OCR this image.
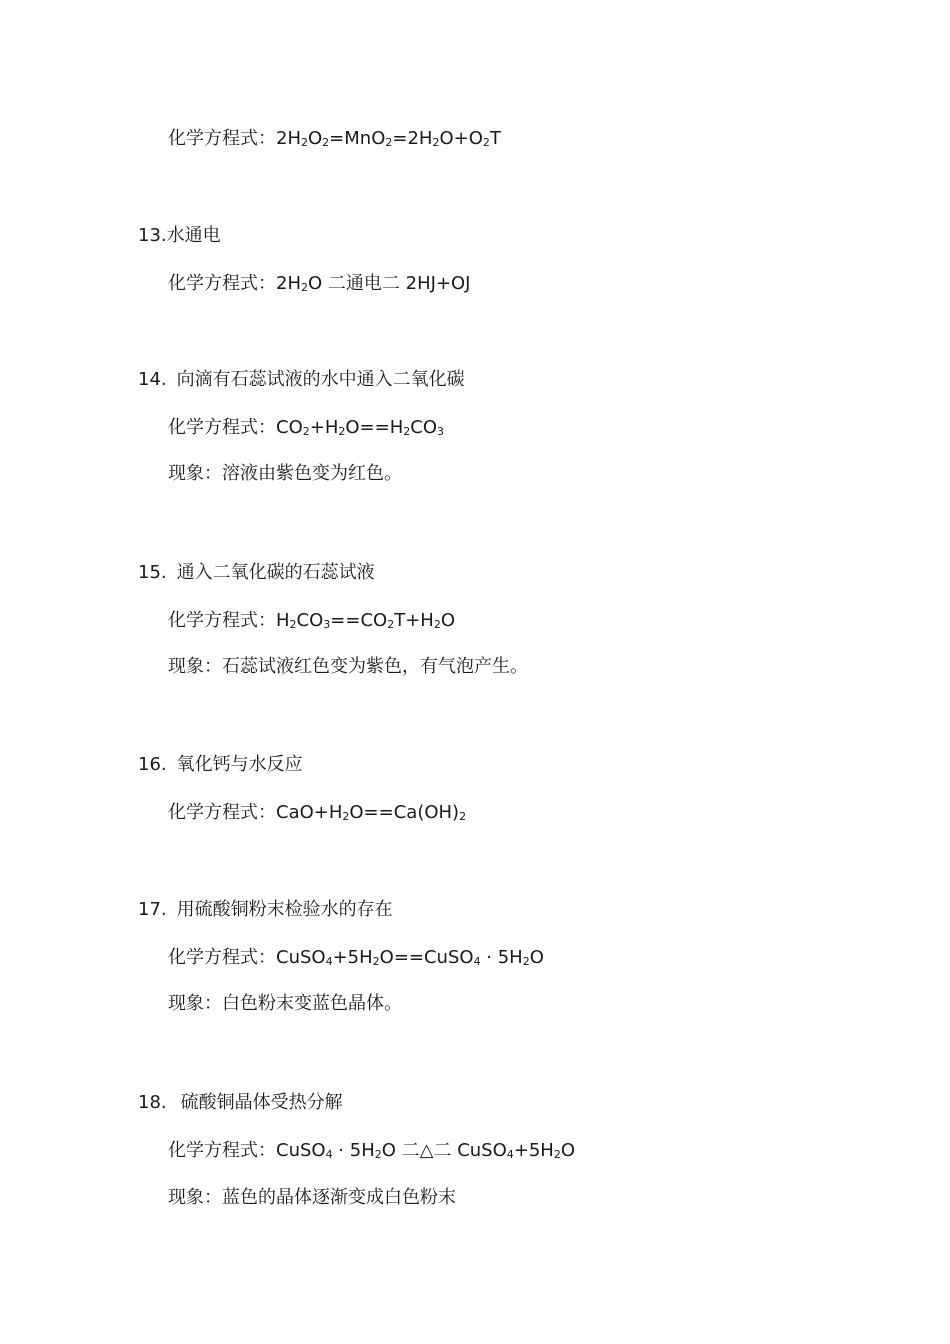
化学方程式：$2H_2O_2=MnO_2=2H_2O+O_2T$
13.水通电
化学方程式：$2H_2O$ 二通电二 2HJ+OJ
14. 向滴有石蕊试液的水中通入二氧化碳
化学方程式：$CO_2+H_2O==H_2CO_3$
现象：溶液由紫色变为红色。
15. 通入二氧化碳的石蕊试液
化学方程式：$H_2CO_3==CO_2T+H_2O$
现象：石蕊试液红色变为紫色，有气泡产生。
16. 氧化钙与水反应
化学方程式：$CaO+H_2O==Ca(OH)_2$
17. 用硫酸铜粉末检验水的存在
化学方程式：$CuSO_4+5H_2O==CuSO_4 \cdot 5H_2O$
现象：白色粉末变蓝色晶体。
18. 硫酸铜晶体受热分解
化学方程式：CuSO$_4$ · $5H_2O$ 二△二 $CuSO_4+5H_2O$
现象：蓝色的晶体逐渐变成白色粉末
